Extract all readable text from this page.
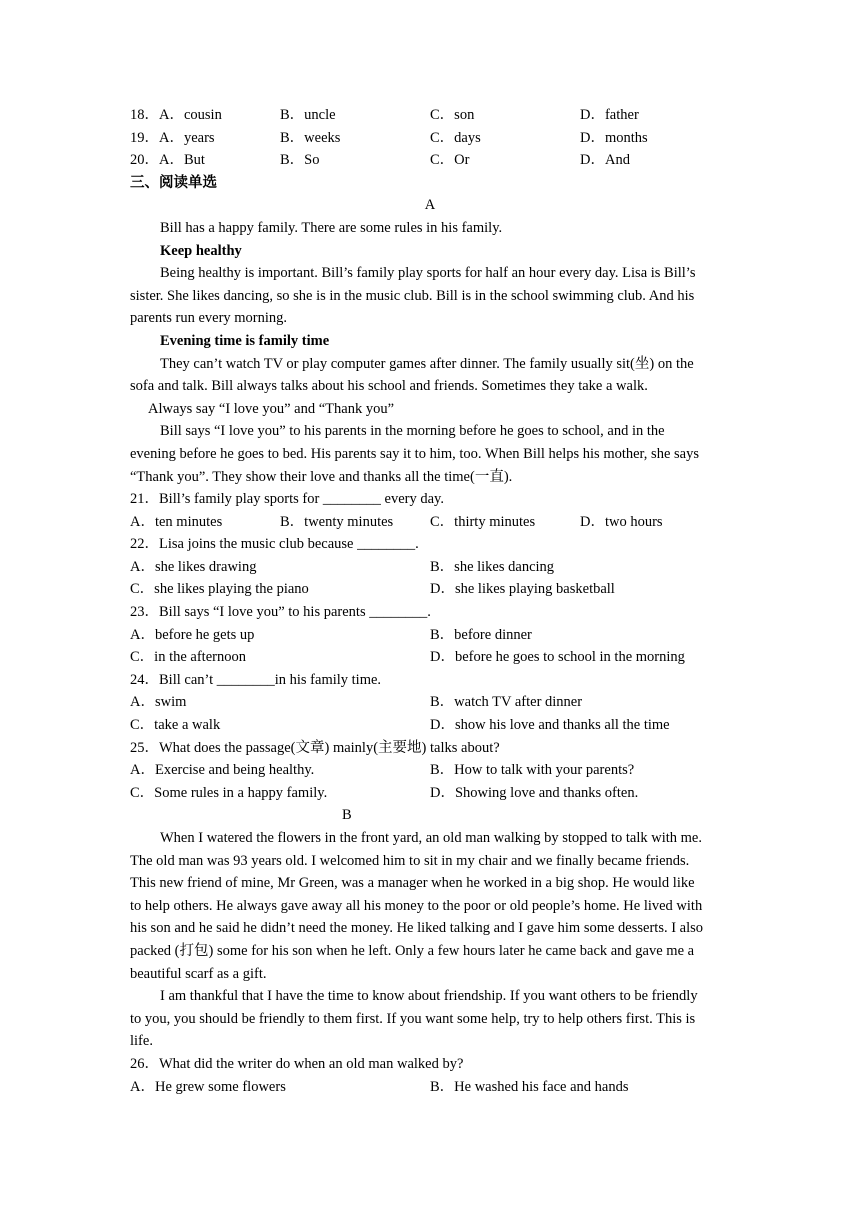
18．A．cousin	B．uncle	C．son	D．father
19．A．years	B．weeks	C．days	D．months
20．A．But	B．So	C．Or	D．And
三、阅读单选
A
Bill has a happy family. There are some rules in his family.
Keep healthy
Being healthy is important. Bill’s family play sports for half an hour every day. Lisa is Bill’s
sister. She likes dancing, so she is in the music club. Bill is in the school swimming club. And his
parents run every morning.
Evening time is family time
They can’t watch TV or play computer games after dinner. The family usually sit(坐) on the
sofa and talk. Bill always talks about his school and friends. Sometimes they take a walk.
Always say “I love you” and “Thank you”
Bill says “I love you” to his parents in the morning before he goes to school, and in the
evening before he goes to bed. His parents say it to him, too. When Bill helps his mother, she says
“Thank you”. They show their love and thanks all the time(一直).
21．Bill’s family play sports for ________ every day.
A．ten minutes	B．twenty minutes	C．thirty minutes	D．two hours
22．Lisa joins the music club because ________.
A．she likes drawing	B．she likes dancing
C．she likes playing the piano	D．she likes playing basketball
23．Bill says “I love you” to his parents ________.
A．before he gets up	B．before dinner
C．in the afternoon	D．before he goes to school in the morning
24．Bill can’t ________in his family time.
A．swim	B．watch TV after dinner
C．take a walk	D．show his love and thanks all the time
25．What does the passage(文章) mainly(主要地) talks about?
A．Exercise and being healthy.	B．How to talk with your parents?
C．Some rules in a happy family.	D．Showing love and thanks often.
B
When I watered the flowers in the front yard, an old man walking by stopped to talk with me.
The old man was 93 years old. I welcomed him to sit in my chair and we finally became friends.
This new friend of mine, Mr Green, was a manager when he worked in a big shop. He would like
to help others. He always gave away all his money to the poor or old people’s home. He lived with
his son and he said he didn’t need the money. He liked talking and I gave him some desserts. I also
packed (打包) some for his son when he left. Only a few hours later he came back and gave me a
beautiful scarf as a gift.
I am thankful that I have the time to know about friendship. If you want others to be friendly
to you, you should be friendly to them first. If you want some help, try to help others first. This is
life.
26．What did the writer do when an old man walked by?
A．He grew some flowers	B．He washed his face and hands
